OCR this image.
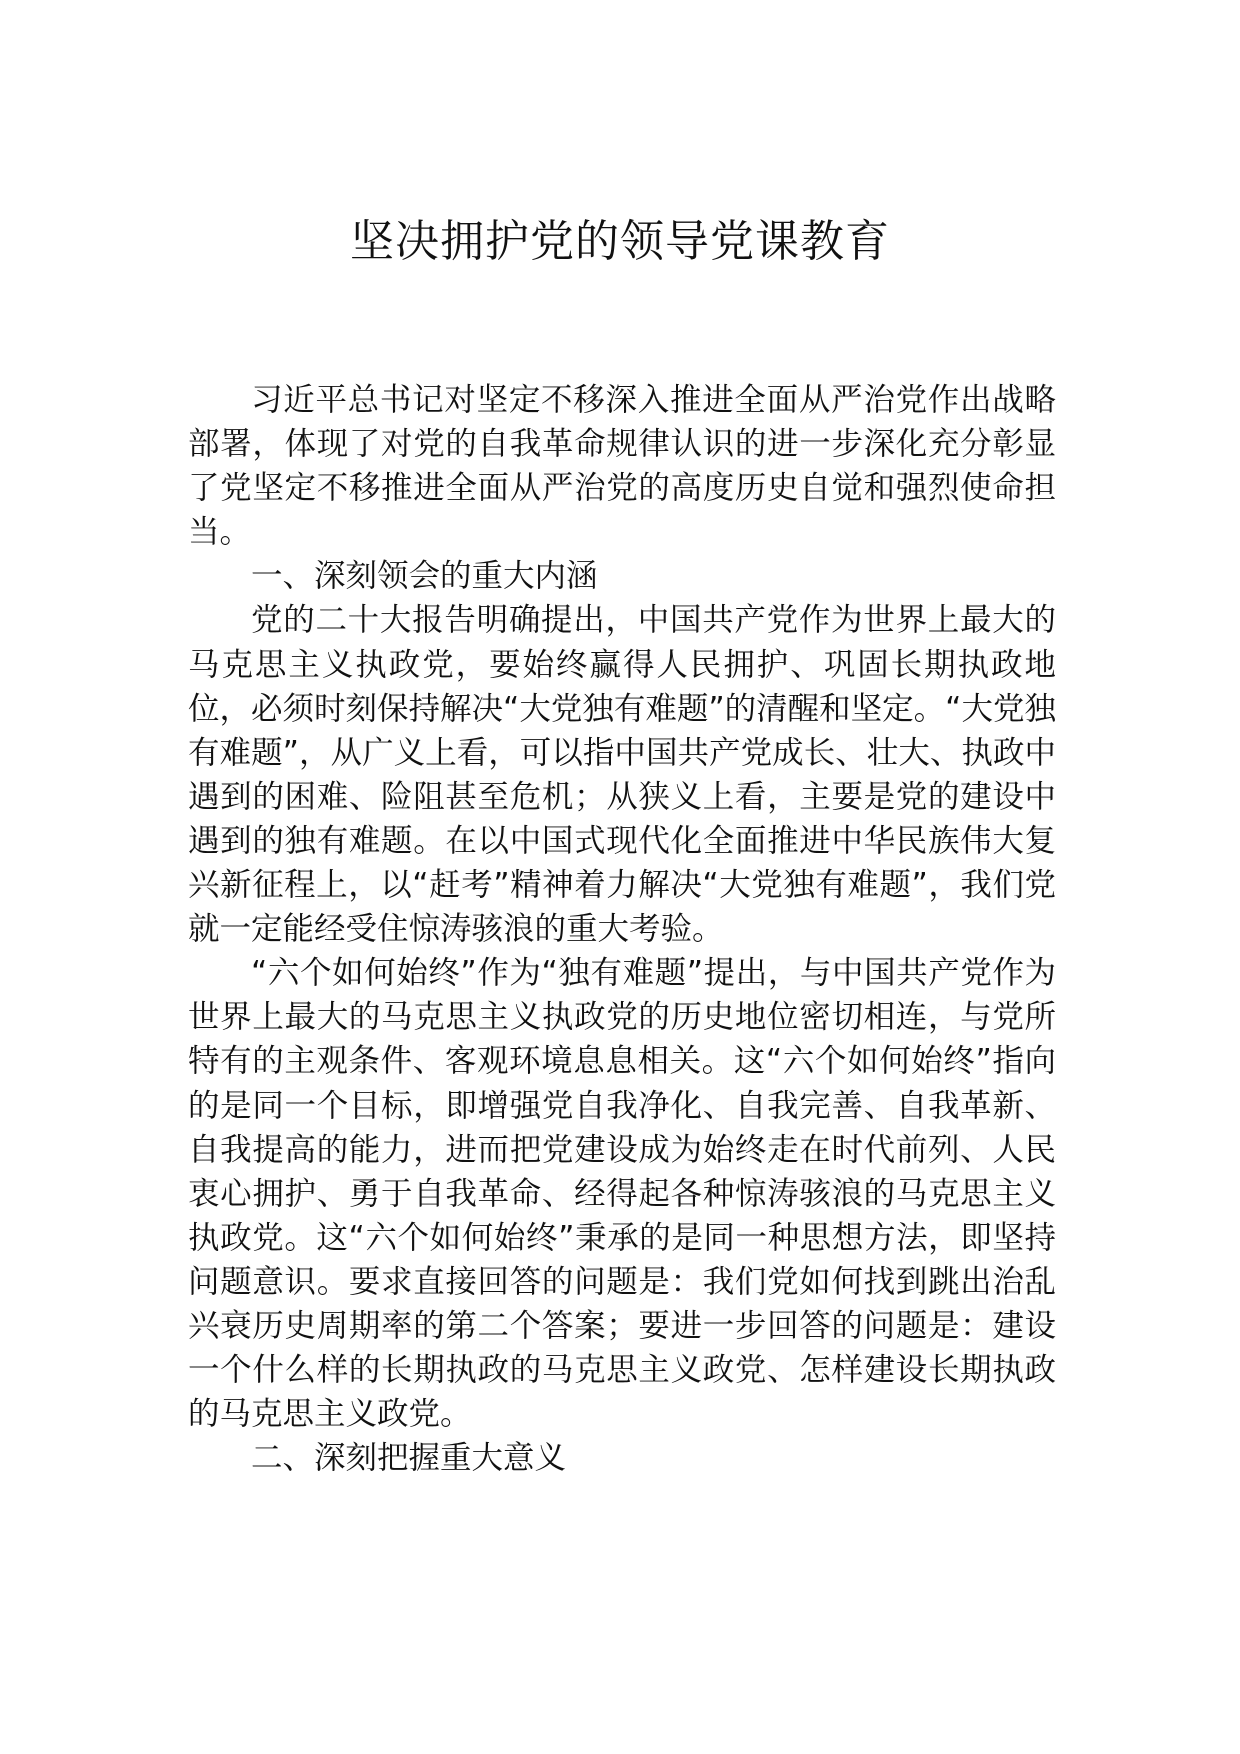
坚决拥护党的领导党课教育

习近平总书记对坚定不移深入推进全面从严治党作出战略部署，体现了对党的自我革命规律认识的进一步深化充分彰显了党坚定不移推进全面从严治党的高度历史自觉和强烈使命担当。

一、深刻领会的重大内涵

党的二十大报告明确提出，中国共产党作为世界上最大的马克思主义执政党，要始终赢得人民拥护、巩固长期执政地位，必须时刻保持解决“大党独有难题”的清醒和坚定。“大党独有难题”，从广义上看，可以指中国共产党成长、壮大、执政中遇到的困难、险阻甚至危机；从狭义上看，主要是党的建设中遇到的独有难题。在以中国式现代化全面推进中华民族伟大复兴新征程上，以“赶考”精神着力解决“大党独有难题”，我们党就一定能经受住惊涛骇浪的重大考验。

“六个如何始终”作为“独有难题”提出，与中国共产党作为世界上最大的马克思主义执政党的历史地位密切相连，与党所特有的主观条件、客观环境息息相关。这“六个如何始终”指向的是同一个目标，即增强党自我净化、自我完善、自我革新、自我提高的能力，进而把党建设成为始终走在时代前列、人民衷心拥护、勇于自我革命、经得起各种惊涛骇浪的马克思主义执政党。这“六个如何始终”秉承的是同一种思想方法，即坚持问题意识。要求直接回答的问题是：我们党如何找到跳出治乱兴衰历史周期率的第二个答案；要进一步回答的问题是：建设一个什么样的长期执政的马克思主义政党、怎样建设长期执政的马克思主义政党。

二、深刻把握重大意义
